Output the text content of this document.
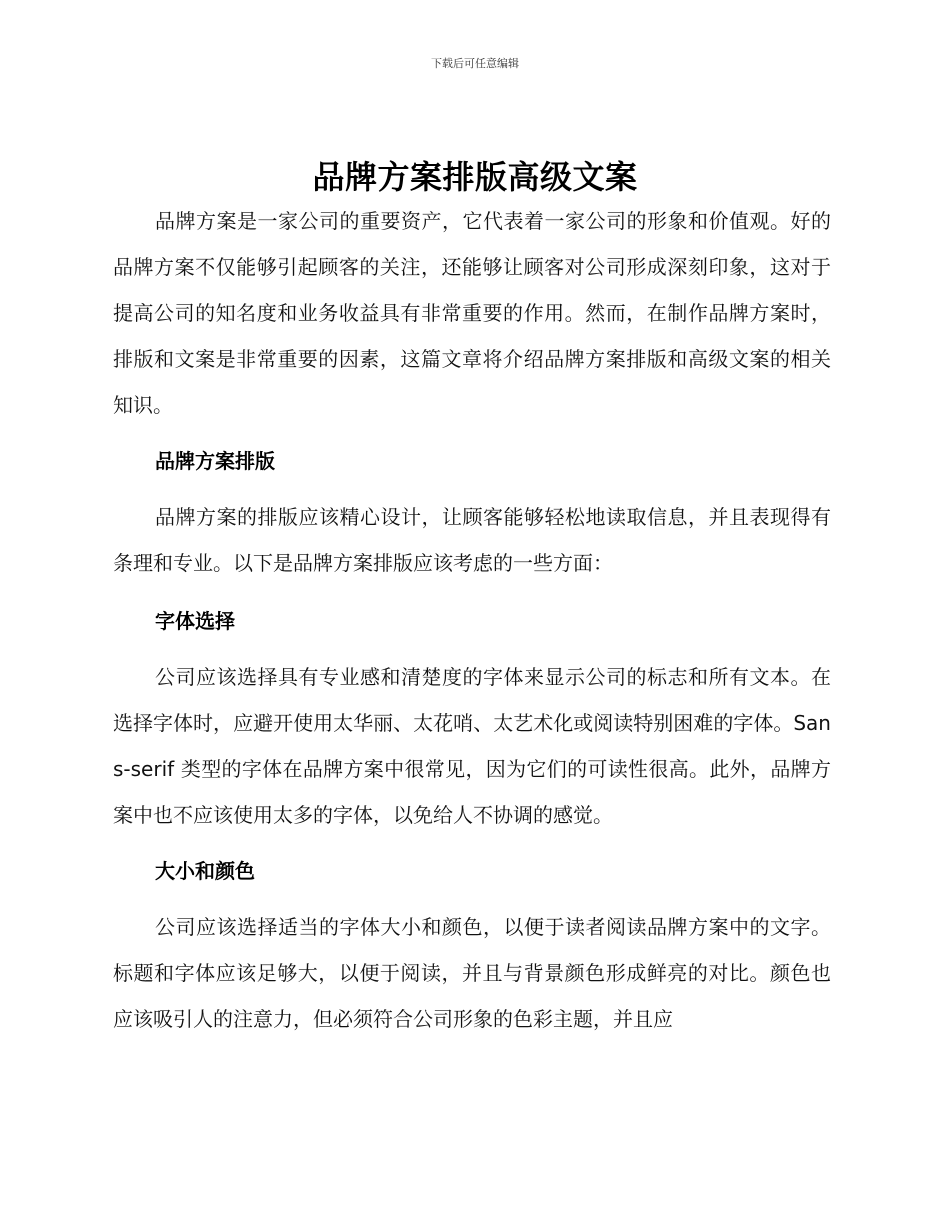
下载后可任意编辑
品牌方案排版高级文案

品牌方案是一家公司的重要资产，它代表着一家公司的形象和价值观。好的品牌方案不仅能够引起顾客的关注，还能够让顾客对公司形成深刻印象，这对于提高公司的知名度和业务收益具有非常重要的作用。然而，在制作品牌方案时，排版和文案是非常重要的因素，这篇文章将介绍品牌方案排版和高级文案的相关知识。

品牌方案排版

品牌方案的排版应该精心设计，让顾客能够轻松地读取信息，并且表现得有条理和专业。以下是品牌方案排版应该考虑的一些方面：

字体选择

公司应该选择具有专业感和清楚度的字体来显示公司的标志和所有文本。在选择字体时，应避开使用太华丽、太花哨、太艺术化或阅读特别困难的字体。Sans-serif 类型的字体在品牌方案中很常见，因为它们的可读性很高。此外，品牌方案中也不应该使用太多的字体，以免给人不协调的感觉。

大小和颜色

公司应该选择适当的字体大小和颜色，以便于读者阅读品牌方案中的文字。标题和字体应该足够大，以便于阅读，并且与背景颜色形成鲜亮的对比。颜色也应该吸引人的注意力，但必须符合公司形象的色彩主题，并且应
